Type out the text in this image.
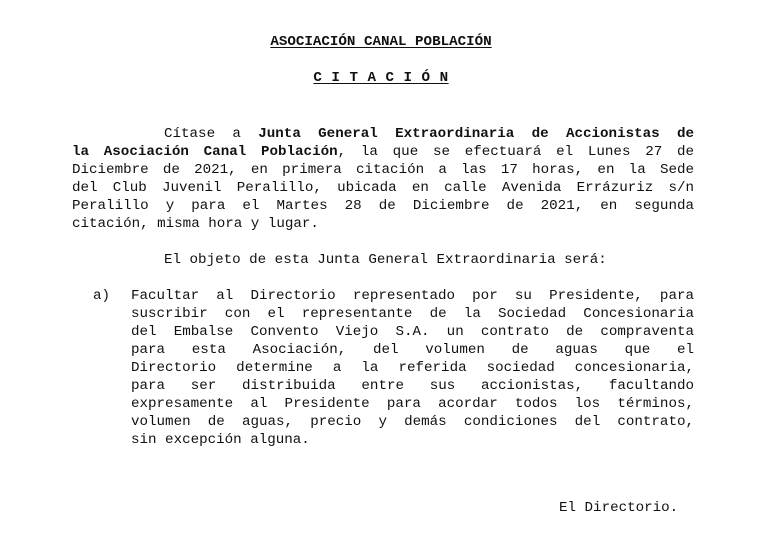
ASOCIACIÓN CANAL POBLACIÓN
C I T A C I Ó N
Cítase a Junta General Extraordinaria de Accionistas de
la Asociación Canal Población, la que se efectuará el Lunes 27 de
Diciembre de 2021, en primera citación a las 17 horas, en la Sede
del Club Juvenil Peralillo, ubicada en calle Avenida Errázuriz s/n
Peralillo y para el Martes 28 de Diciembre de 2021, en segunda
citación, misma hora y lugar.
El objeto de esta Junta General Extraordinaria será:
a) Facultar al Directorio representado por su Presidente, para
suscribir con el representante de la Sociedad Concesionaria
del Embalse Convento Viejo S.A. un contrato de compraventa
para esta Asociación, del volumen de aguas que el
Directorio determine a la referida sociedad concesionaria,
para ser distribuida entre sus accionistas, facultando
expresamente al Presidente para acordar todos los términos,
volumen de aguas, precio y demás condiciones del contrato,
sin excepción alguna.
El Directorio.
